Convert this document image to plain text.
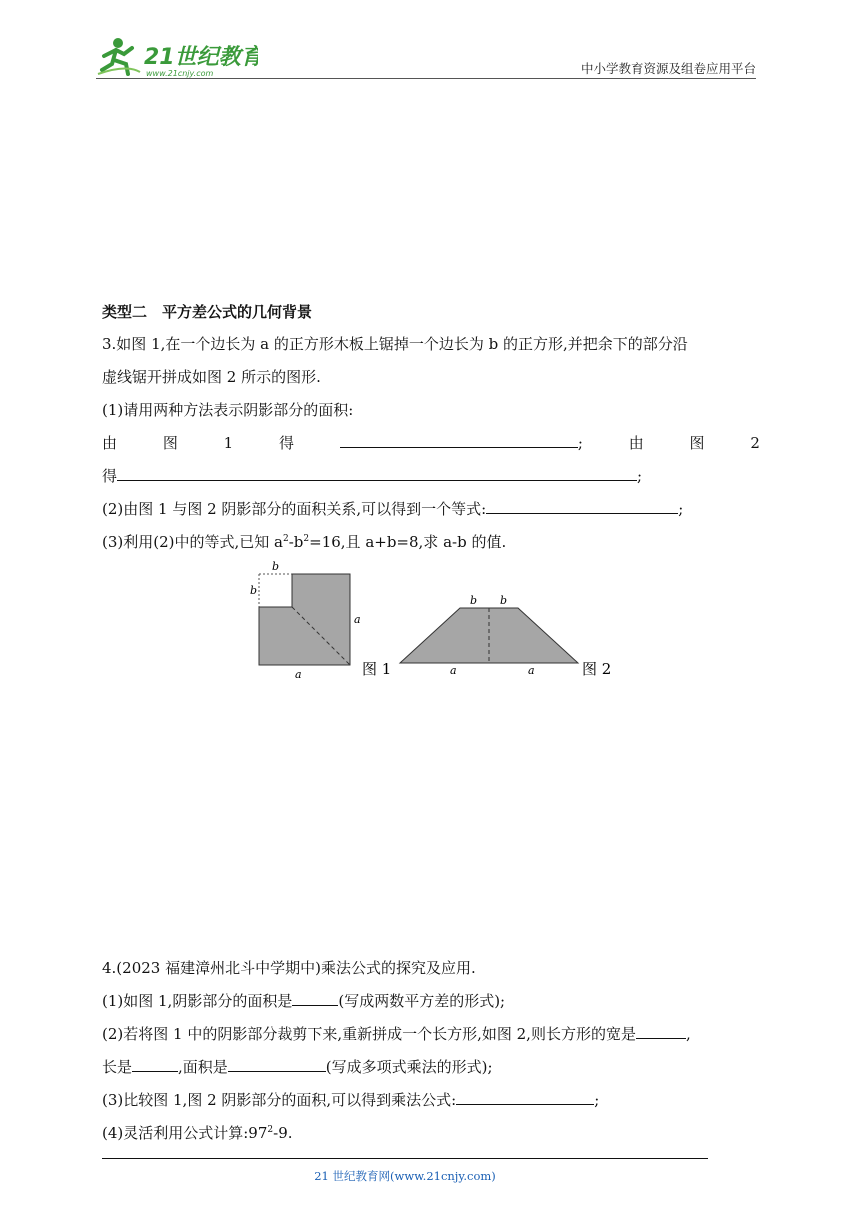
21世纪教育
www.21cnjy.com	中小学教育资源及组卷应用平台
类型二　平方差公式的几何背景
3.如图 1,在一个边长为 a 的正方形木板上锯掉一个边长为 b 的正方形,并把余下的部分沿
虚线锯开拼成如图 2 所示的图形.
(1)请用两种方法表示阴影部分的面积:
由	图	1	得	;	由	图	2
得	;
(2)由图 1 与图 2 阴影部分的面积关系,可以得到一个等式:	;
(3)利用(2)中的等式,已知 $a^2-b^2=16$,且 a+b=8,求 a-b 的值.
b
b
a
a	图 1
b b
a	a	图 2
4.(2023 福建漳州北斗中学期中)乘法公式的探究及应用.
(1)如图 1,阴影部分的面积是	(写成两数平方差的形式);
(2)若将图 1 中的阴影部分裁剪下来,重新拼成一个长方形,如图 2,则长方形的宽是	,
长是	,面积是	(写成多项式乘法的形式);
(3)比较图 1,图 2 阴影部分的面积,可以得到乘法公式:	;
(4)灵活利用公式计算$:97^2-9$.
21 世纪教育网(www.21cnjy.com)
